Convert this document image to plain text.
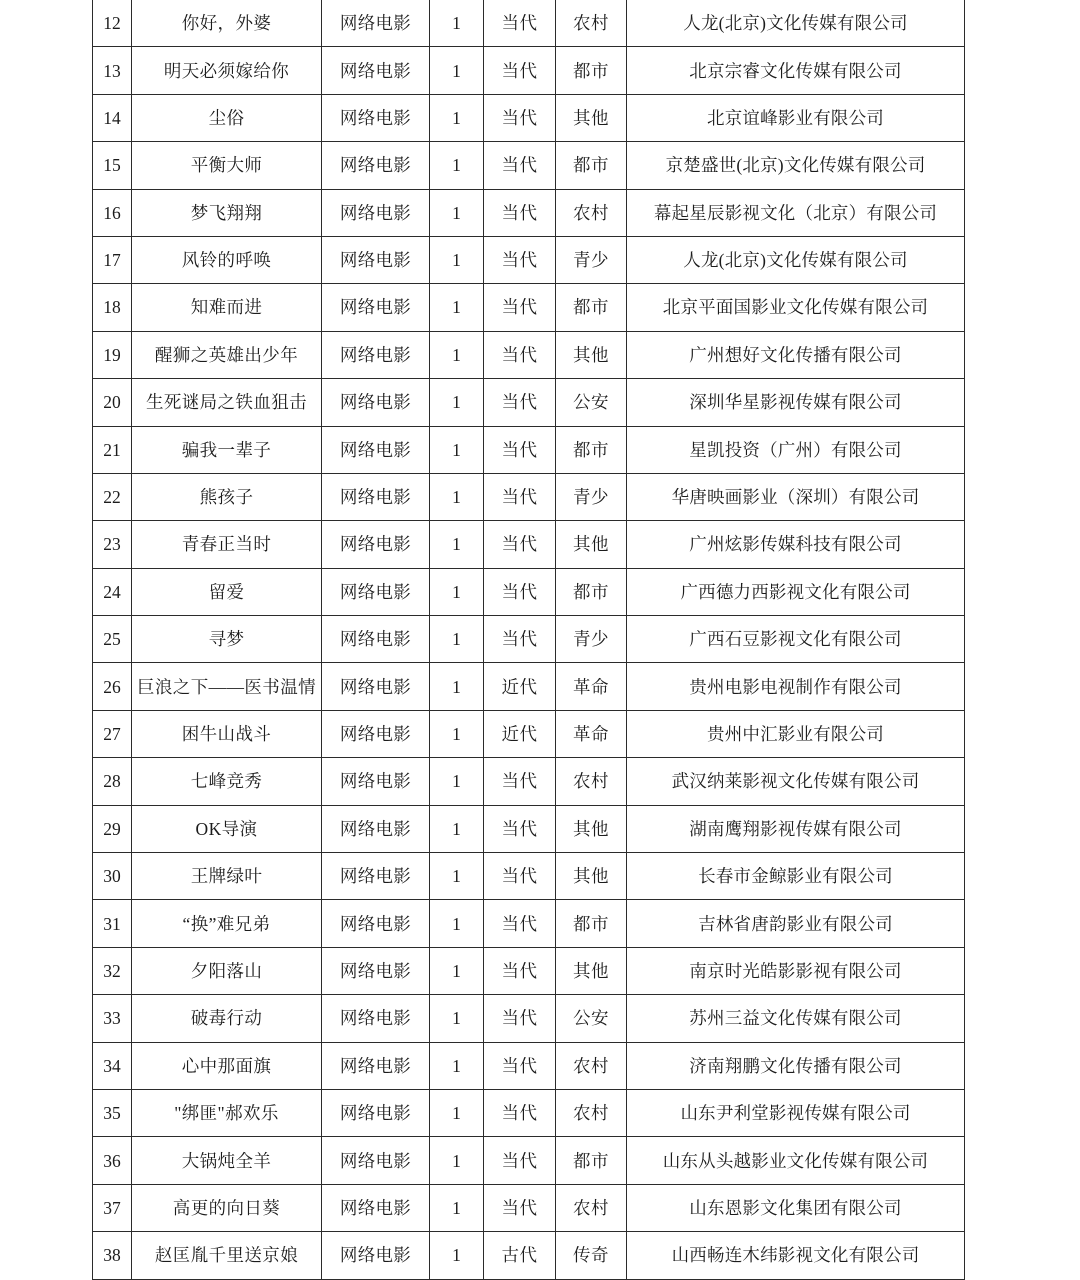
12	你好，外婆	网络电影	1	当代	农村	人龙(北京)文化传媒有限公司
13	明天必须嫁给你	网络电影	1	当代	都市	北京宗睿文化传媒有限公司
14	尘俗	网络电影	1	当代	其他	北京谊峰影业有限公司
15	平衡大师	网络电影	1	当代	都市	京楚盛世(北京)文化传媒有限公司
16	梦飞翔翔	网络电影	1	当代	农村	幕起星辰影视文化（北京）有限公司
17	风铃的呼唤	网络电影	1	当代	青少	人龙(北京)文化传媒有限公司
18	知难而进	网络电影	1	当代	都市	北京平面国影业文化传媒有限公司
19	醒狮之英雄出少年	网络电影	1	当代	其他	广州想好文化传播有限公司
20	生死谜局之铁血狙击	网络电影	1	当代	公安	深圳华星影视传媒有限公司
21	骗我一辈子	网络电影	1	当代	都市	星凯投资（广州）有限公司
22	熊孩子	网络电影	1	当代	青少	华唐映画影业（深圳）有限公司
23	青春正当时	网络电影	1	当代	其他	广州炫影传媒科技有限公司
24	留爱	网络电影	1	当代	都市	广西德力西影视文化有限公司
25	寻梦	网络电影	1	当代	青少	广西石豆影视文化有限公司
26	巨浪之下——医书温情	网络电影	1	近代	革命	贵州电影电视制作有限公司
27	困牛山战斗	网络电影	1	近代	革命	贵州中汇影业有限公司
28	七峰竞秀	网络电影	1	当代	农村	武汉纳莱影视文化传媒有限公司
29	OK导演	网络电影	1	当代	其他	湖南鹰翔影视传媒有限公司
30	王牌绿叶	网络电影	1	当代	其他	长春市金鲸影业有限公司
31	“换”难兄弟	网络电影	1	当代	都市	吉林省唐韵影业有限公司
32	夕阳落山	网络电影	1	当代	其他	南京时光皓影影视有限公司
33	破毒行动	网络电影	1	当代	公安	苏州三益文化传媒有限公司
34	心中那面旗	网络电影	1	当代	农村	济南翔鹏文化传播有限公司
35	"绑匪"郝欢乐	网络电影	1	当代	农村	山东尹利堂影视传媒有限公司
36	大锅炖全羊	网络电影	1	当代	都市	山东从头越影业文化传媒有限公司
37	高更的向日葵	网络电影	1	当代	农村	山东恩影文化集团有限公司
38	赵匡胤千里送京娘	网络电影	1	古代	传奇	山西畅连木纬影视文化有限公司
